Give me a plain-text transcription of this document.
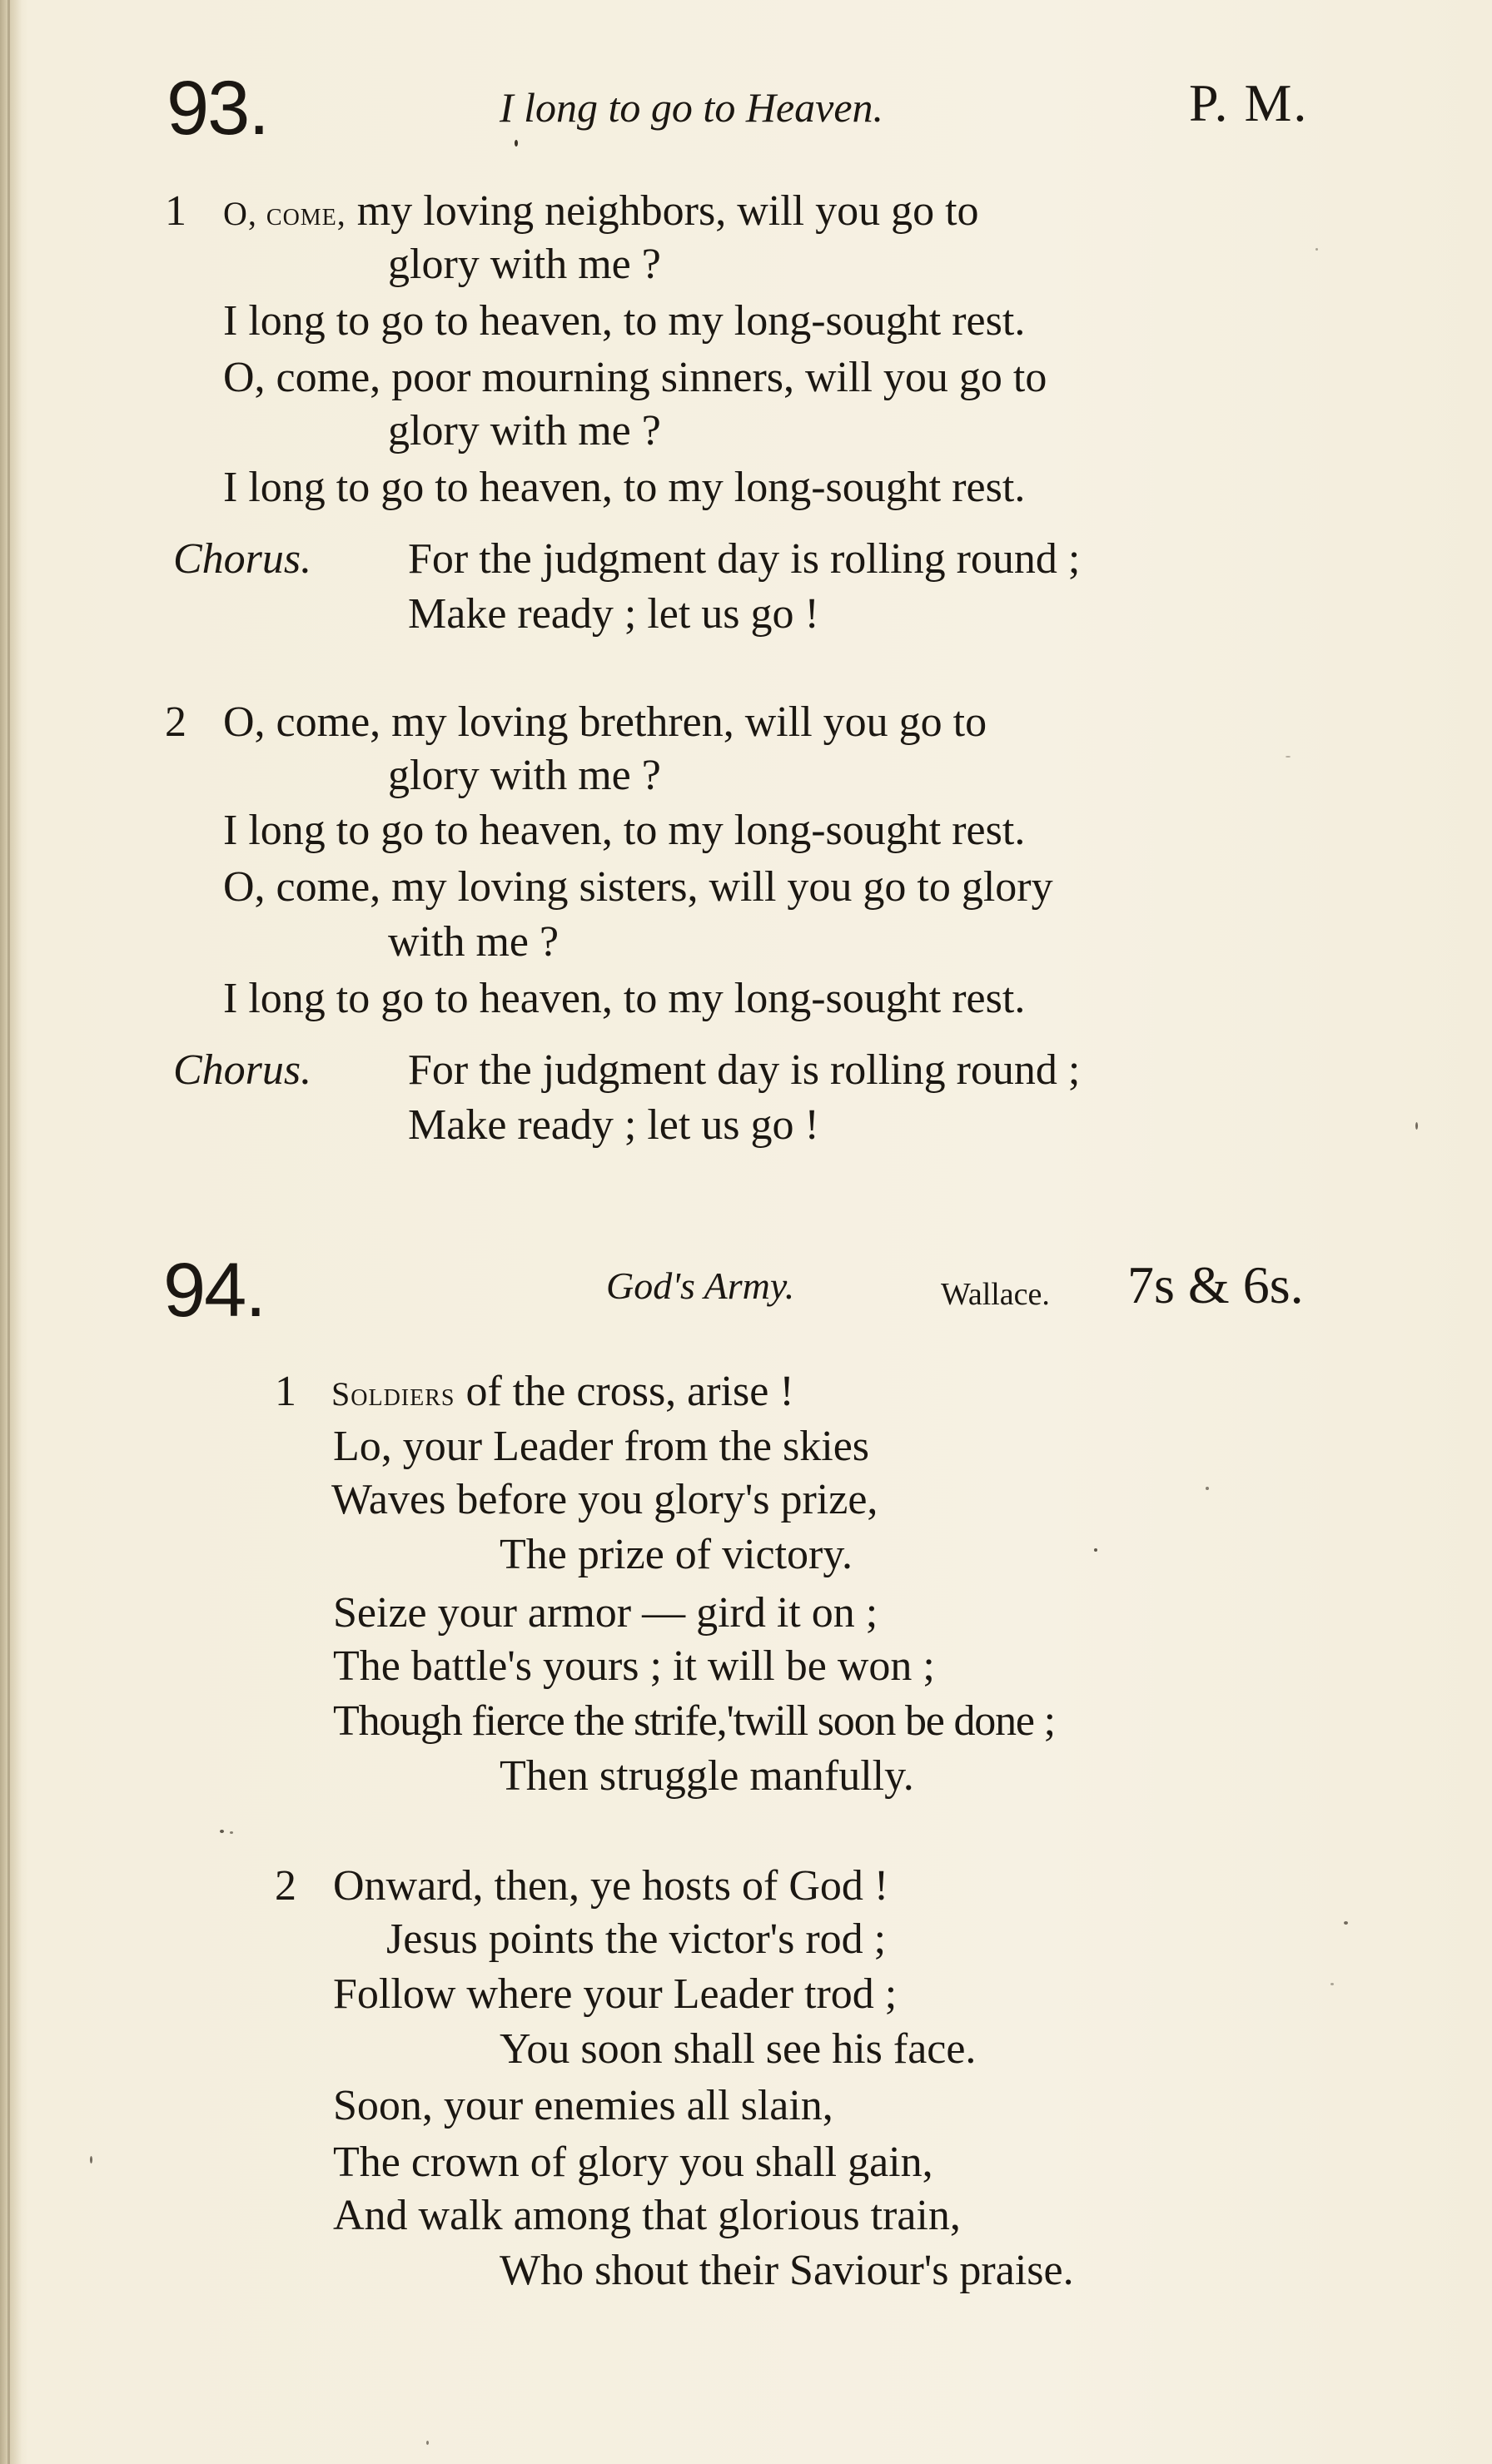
93.	I long to go to Heaven.	P. M.
1 O, come, my loving neighbors, will you go to
glory with me ?
I long to go to heaven, to my long-sought rest.
O, come, poor mourning sinners, will you go to
glory with me ?
I long to go to heaven, to my long-sought rest.
Chorus. For the judgment day is rolling round ;
Make ready ; let us go !
2 O, come, my loving brethren, will you go to
glory with me ?
I long to go to heaven, to my long-sought rest.
O, come, my loving sisters, will you go to glory
with me ?
I long to go to heaven, to my long-sought rest.
Chorus. For the judgment day is rolling round ;
Make ready ; let us go !
94.	God's Army.	Wallace. 7s & 6s.
1 Soldiers of the cross, arise !
Lo, your Leader from the skies
Waves before you glory's prize,
The prize of victory.
Seize your armor — gird it on ;
The battle's yours ; it will be won ;
Though fierce the strife,'twill soon be done ;
Then struggle manfully.
2 Onward, then, ye hosts of God !
Jesus points the victor's rod ;
Follow where your Leader trod ;
You soon shall see his face.
Soon, your enemies all slain,
The crown of glory you shall gain,
And walk among that glorious train,
Who shout their Saviour's praise.
